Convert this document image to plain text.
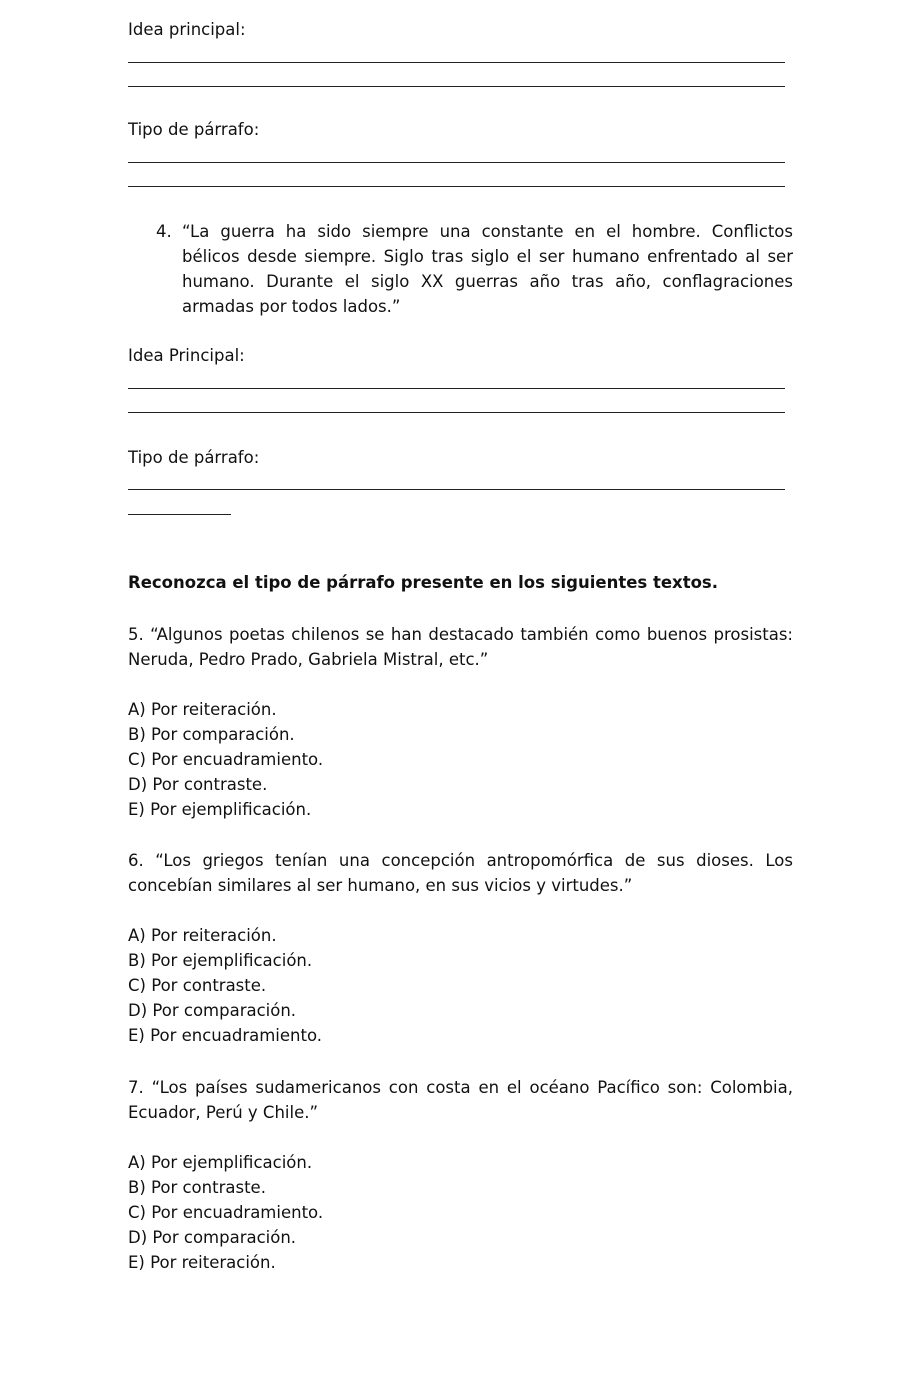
Idea principal:
Tipo de párrafo:
4. “La guerra ha sido siempre una constante en el hombre. Conflictos bélicos desde siempre. Siglo tras siglo el ser humano enfrentado al ser humano. Durante el siglo XX guerras año tras año, conflagraciones armadas por todos lados.”
Idea Principal:
Tipo de párrafo:
Reconozca el tipo de párrafo presente en los siguientes textos.
5. “Algunos poetas chilenos se han destacado también como buenos prosistas: Neruda, Pedro Prado, Gabriela Mistral, etc.”
A) Por reiteración.
B) Por comparación.
C) Por encuadramiento.
D) Por contraste.
E) Por ejemplificación.
6. “Los griegos tenían una concepción antropomórfica de sus dioses. Los concebían similares al ser humano, en sus vicios y virtudes.”
A) Por reiteración.
B) Por ejemplificación.
C) Por contraste.
D) Por comparación.
E) Por encuadramiento.
7. “Los países sudamericanos con costa en el océano Pacífico son: Colombia, Ecuador, Perú y Chile.”
A) Por ejemplificación.
B) Por contraste.
C) Por encuadramiento.
D) Por comparación.
E) Por reiteración.
